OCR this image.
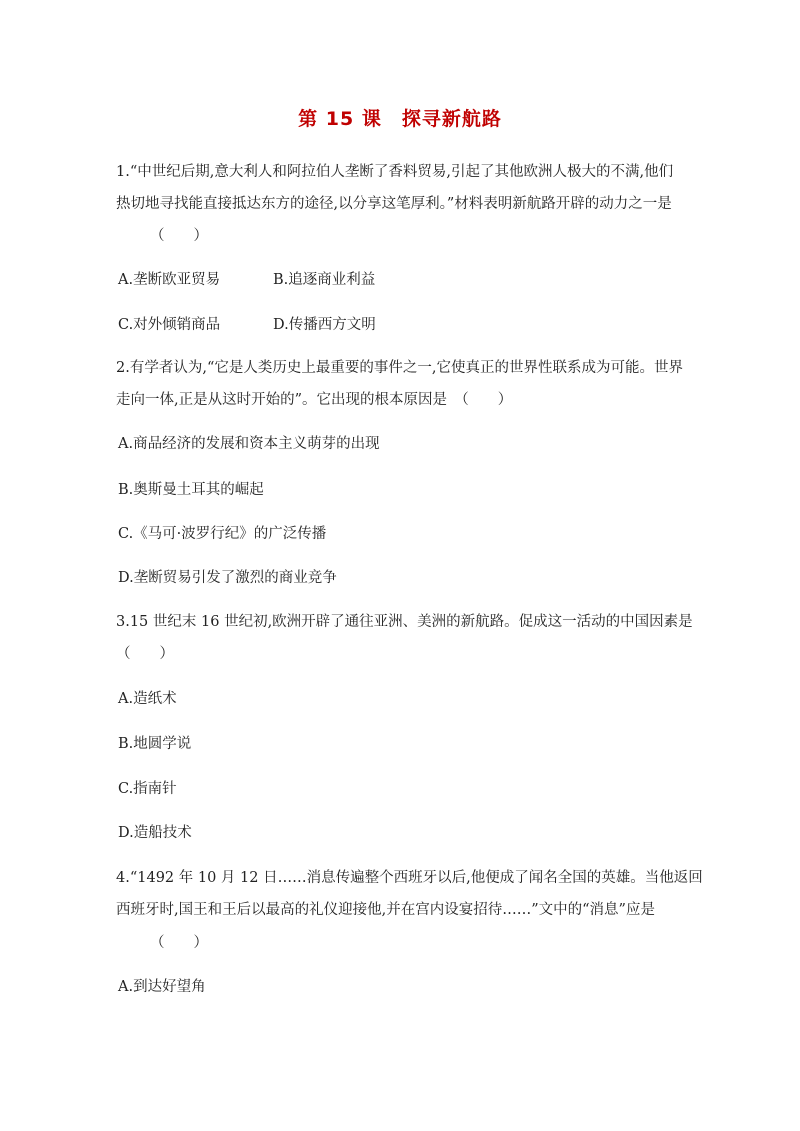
第 15 课　探寻新航路
1.“中世纪后期,意大利人和阿拉伯人垄断了香料贸易,引起了其他欧洲人极大的不满,他们
热切地寻找能直接抵达东方的途径,以分享这笔厚利。”材料表明新航路开辟的动力之一是
（　　）
A.垄断欧亚贸易	B.追逐商业利益
C.对外倾销商品	D.传播西方文明
2.有学者认为,“它是人类历史上最重要的事件之一,它使真正的世界性联系成为可能。世界
走向一体,正是从这时开始的”。它出现的根本原因是　（　　）
A.商品经济的发展和资本主义萌芽的出现
B.奥斯曼土耳其的崛起
C.《马可·波罗行纪》的广泛传播
D.垄断贸易引发了激烈的商业竞争
3.15 世纪末 16 世纪初,欧洲开辟了通往亚洲、美洲的新航路。促成这一活动的中国因素是
（　　）
A.造纸术
B.地圆学说
C.指南针
D.造船技术
4.“1492 年 10 月 12 日……消息传遍整个西班牙以后,他便成了闻名全国的英雄。当他返回
西班牙时,国王和王后以最高的礼仪迎接他,并在宫内设宴招待……”文中的“消息”应是
（　　）
A.到达好望角
